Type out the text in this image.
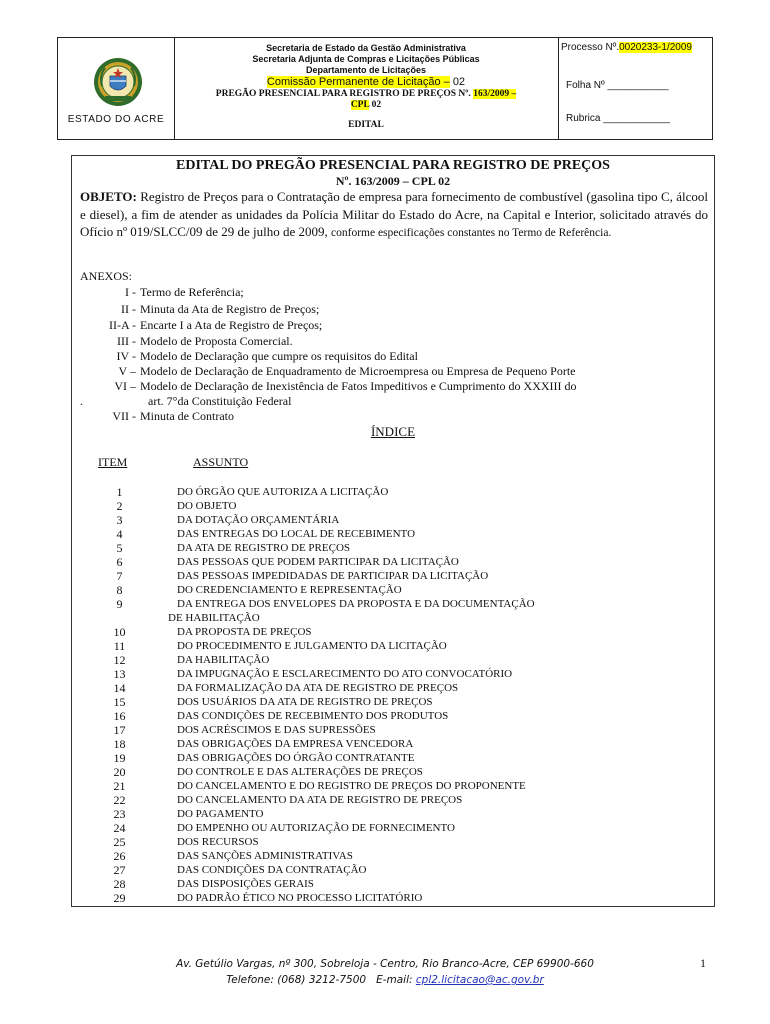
ESTADO DO ACRE
Secretaria de Estado da Gestão Administrativa
Secretaria Adjunta de Compras e Licitações Públicas
Departamento de Licitações
Comissão Permanente de Licitação – 02
PREGÃO PRESENCIAL PARA REGISTRO DE PREÇOS Nº. 163/2009 –
CPL 02
EDITAL
Processo Nº.0020233-1/2009
Folha Nº ___________
Rubrica ____________
EDITAL DO PREGÃO PRESENCIAL PARA REGISTRO DE PREÇOS
Nº. 163/2009 – CPL 02
OBJETO: Registro de Preços para o Contratação de empresa para fornecimento de combustível (gasolina tipo C, álcool e diesel), a fim de atender as unidades da Polícia Militar do Estado do Acre, na Capital e Interior, solicitado através do Ofício nº 019/SLCC/09 de 29 de julho de 2009, conforme especificações constantes no Termo de Referência.
ANEXOS:
I - Termo de Referência;
II - Minuta da Ata de Registro de Preços;
II-A - Encarte I a Ata de Registro de Preços;
III - Modelo de Proposta Comercial.
IV - Modelo de Declaração que cumpre os requisitos do Edital
V – Modelo de Declaração de Enquadramento de Microempresa ou Empresa de Pequeno Porte
VI – Modelo de Declaração de Inexistência de Fatos Impeditivos e Cumprimento do XXXIII do
.	art. 7°da Constituição Federal
VII - Minuta de Contrato
ÍNDICE
ITEM	ASSUNTO
1	DO ÓRGÃO QUE AUTORIZA A LICITAÇÃO
2	DO OBJETO
3	DA DOTAÇÃO ORÇAMENTÁRIA
4	DAS ENTREGAS DO LOCAL DE RECEBIMENTO
5	DA ATA DE REGISTRO DE PREÇOS
6	DAS PESSOAS QUE PODEM PARTICIPAR DA LICITAÇÃO
7	DAS PESSOAS IMPEDIDADAS DE PARTICIPAR DA LICITAÇÃO
8	DO CREDENCIAMENTO E REPRESENTAÇÃO
9	DA ENTREGA DOS ENVELOPES DA PROPOSTA E DA DOCUMENTAÇÃO
DE HABILITAÇÃO
10	DA PROPOSTA DE PREÇOS
11	DO PROCEDIMENTO E JULGAMENTO DA LICITAÇÃO
12	DA HABILITAÇÃO
13	DA IMPUGNAÇÃO E ESCLARECIMENTO DO ATO CONVOCATÓRIO
14	DA FORMALIZAÇÃO DA ATA DE REGISTRO DE PREÇOS
15	DOS USUÁRIOS DA ATA DE REGISTRO DE PREÇOS
16	DAS CONDIÇÕES DE RECEBIMENTO DOS PRODUTOS
17	DOS ACRÉSCIMOS E DAS SUPRESSÕES
18	DAS OBRIGAÇÕES DA EMPRESA VENCEDORA
19	DAS OBRIGAÇÕES DO ÓRGÃO CONTRATANTE
20	DO CONTROLE E DAS ALTERAÇÕES DE PREÇOS
21	DO CANCELAMENTO E DO REGISTRO DE PREÇOS DO PROPONENTE
22	DO CANCELAMENTO DA ATA DE REGISTRO DE PREÇOS
23	DO PAGAMENTO
24	DO EMPENHO OU AUTORIZAÇÃO DE FORNECIMENTO
25	DOS RECURSOS
26	DAS SANÇÕES ADMINISTRATIVAS
27	DAS CONDIÇÕES DA CONTRATAÇÃO
28	DAS DISPOSIÇÕES GERAIS
29	DO PADRÃO ÉTICO NO PROCESSO LICITATÓRIO
Av. Getúlio Vargas, nº 300, Sobreloja - Centro, Rio Branco-Acre, CEP 69900-660
Telefone: (068) 3212-7500 E-mail: cpl2.licitacao@ac.gov.br
1
